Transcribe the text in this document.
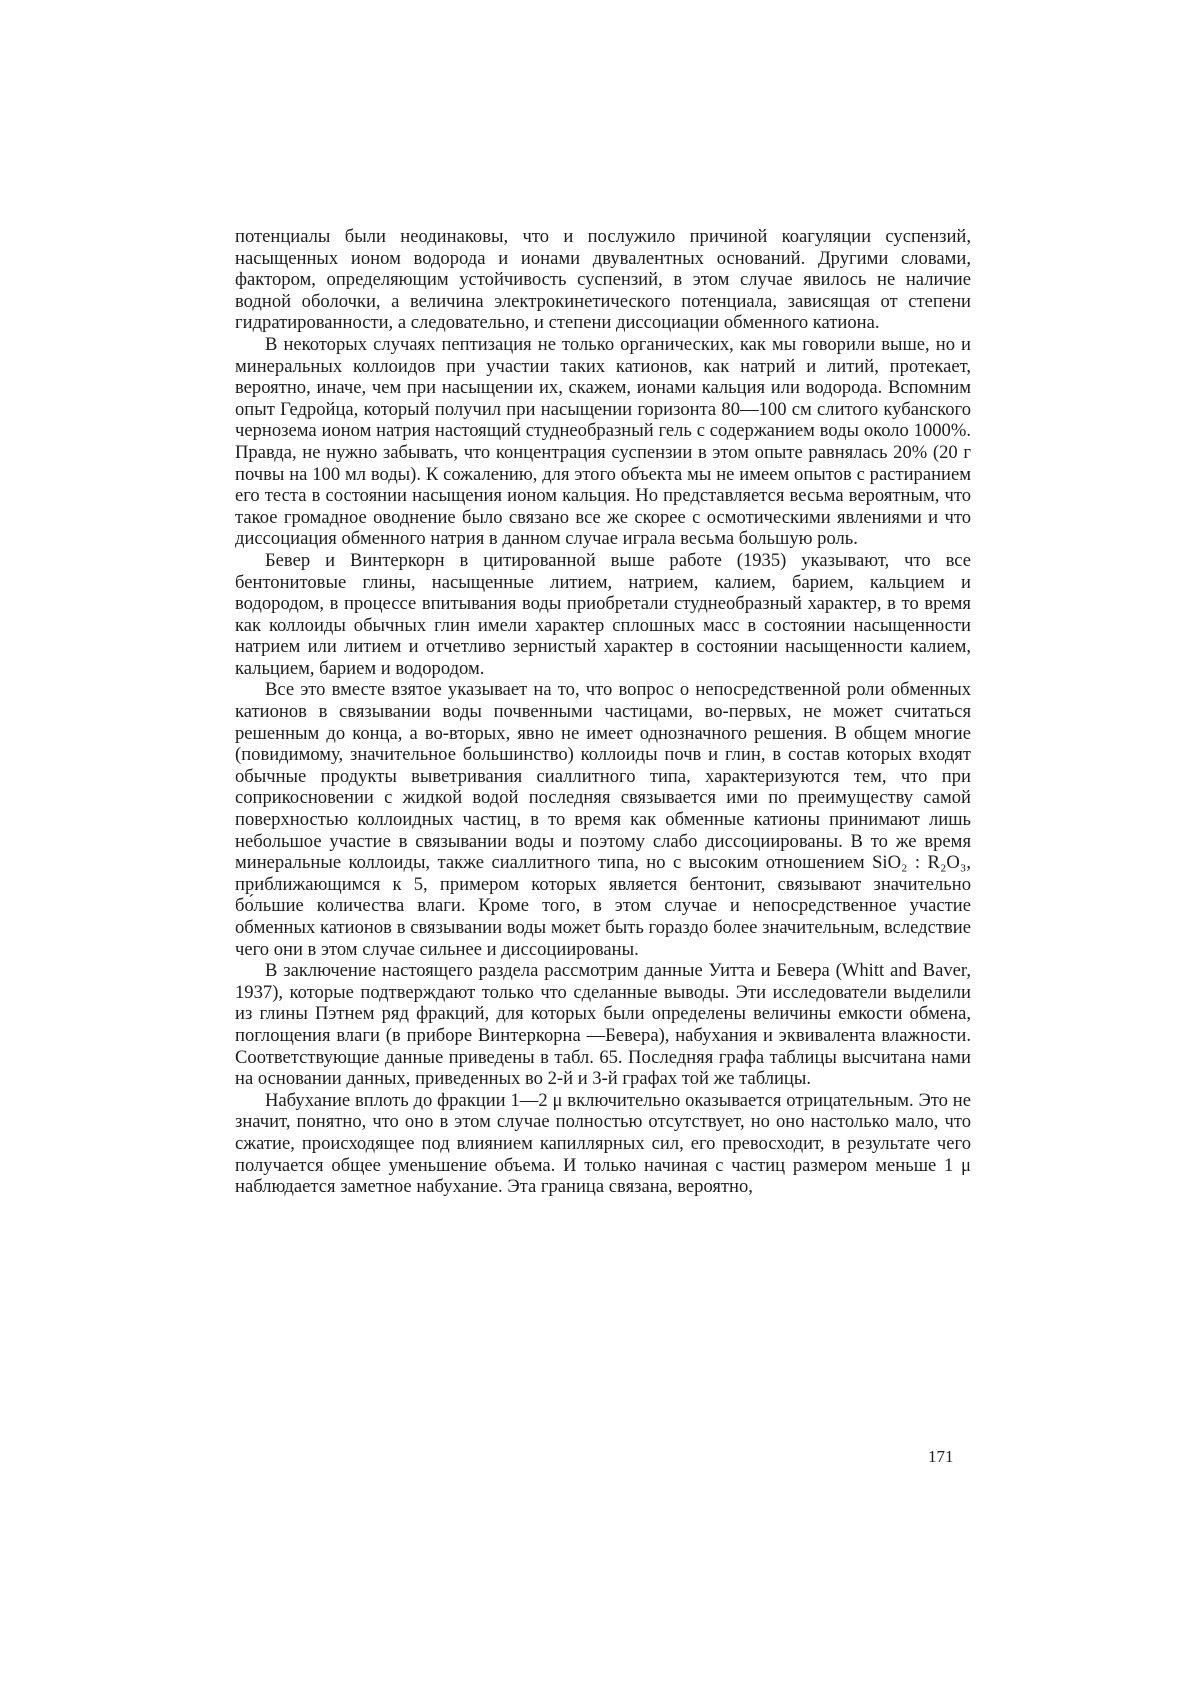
потенциалы были неодинаковы, что и послужило причиной коагуляции суспензий, насыщенных ионом водорода и ионами двувалентных оснований. Другими словами, фактором, определяющим устойчивость суспензий, в этом случае явилось не наличие водной оболочки, а величина электрокинетического потенциала, зависящая от степени гидратированности, а следовательно, и степени диссоциации обменного катиона.

В некоторых случаях пептизация не только органических, как мы говорили выше, но и минеральных коллоидов при участии таких катионов, как натрий и литий, протекает, вероятно, иначе, чем при насыщении их, скажем, ионами кальция или водорода. Вспомним опыт Гедройца, который получил при насыщении горизонта 80—100 см слитого кубанского чернозема ионом натрия настоящий студнеобразный гель с содержанием воды около 1000%. Правда, не нужно забывать, что концентрация суспензии в этом опыте равнялась 20% (20 г почвы на 100 мл воды). К сожалению, для этого объекта мы не имеем опытов с растиранием его теста в состоянии насыщения ионом кальция. Но представляется весьма вероятным, что такое громадное оводнение было связано все же скорее с осмотическими явлениями и что диссоциация обменного натрия в данном случае играла весьма большую роль.

Бевер и Винтеркорн в цитированной выше работе (1935) указывают, что все бентонитовые глины, насыщенные литием, натрием, калием, барием, кальцием и водородом, в процессе впитывания воды приобретали студнеобразный характер, в то время как коллоиды обычных глин имели характер сплошных масс в состоянии насыщенности натрием или литием и отчетливо зернистый характер в состоянии насыщенности калием, кальцием, барием и водородом.

Все это вместе взятое указывает на то, что вопрос о непосредственной роли обменных катионов в связывании воды почвенными частицами, во-первых, не может считаться решенным до конца, а во-вторых, явно не имеет однозначного решения. В общем многие (повидимому, значительное большинство) коллоиды почв и глин, в состав которых входят обычные продукты выветривания сиаллитного типа, характеризуются тем, что при соприкосновении с жидкой водой последняя связывается ими по преимуществу самой поверхностью коллоидных частиц, в то время как обменные катионы принимают лишь небольшое участие в связывании воды и поэтому слабо диссоциированы. В то же время минеральные коллоиды, также сиаллитного типа, но с высоким отношением SiO₂ : R₂O₃, приближающимся к 5, примером которых является бентонит, связывают значительно бо́льшие количества влаги. Кроме того, в этом случае и непосредственное участие обменных катионов в связывании воды может быть гораздо более значительным, вследствие чего они в этом случае сильнее и диссоциированы.

В заключение настоящего раздела рассмотрим данные Уитта и Бевера (Whitt and Baver, 1937), которые подтверждают только что сделанные выводы. Эти исследователи выделили из глины Пэтнем ряд фракций, для которых были определены величины емкости обмена, поглощения влаги (в приборе Винтеркорна —Бевера), набухания и эквивалента влажности. Соответствующие данные приведены в табл. 65. Последняя графа таблицы высчитана нами на основании данных, приведенных во 2-й и 3-й графах той же таблицы.

Набухание вплоть до фракции 1—2 μ включительно оказывается отрицательным. Это не значит, понятно, что оно в этом случае полностью отсутствует, но оно настолько мало, что сжатие, происходящее под влиянием капиллярных сил, его превосходит, в результате чего получается общее уменьшение объема. И только начиная с частиц размером меньше 1 μ наблюдается заметное набухание. Эта граница связана, вероятно,

171
